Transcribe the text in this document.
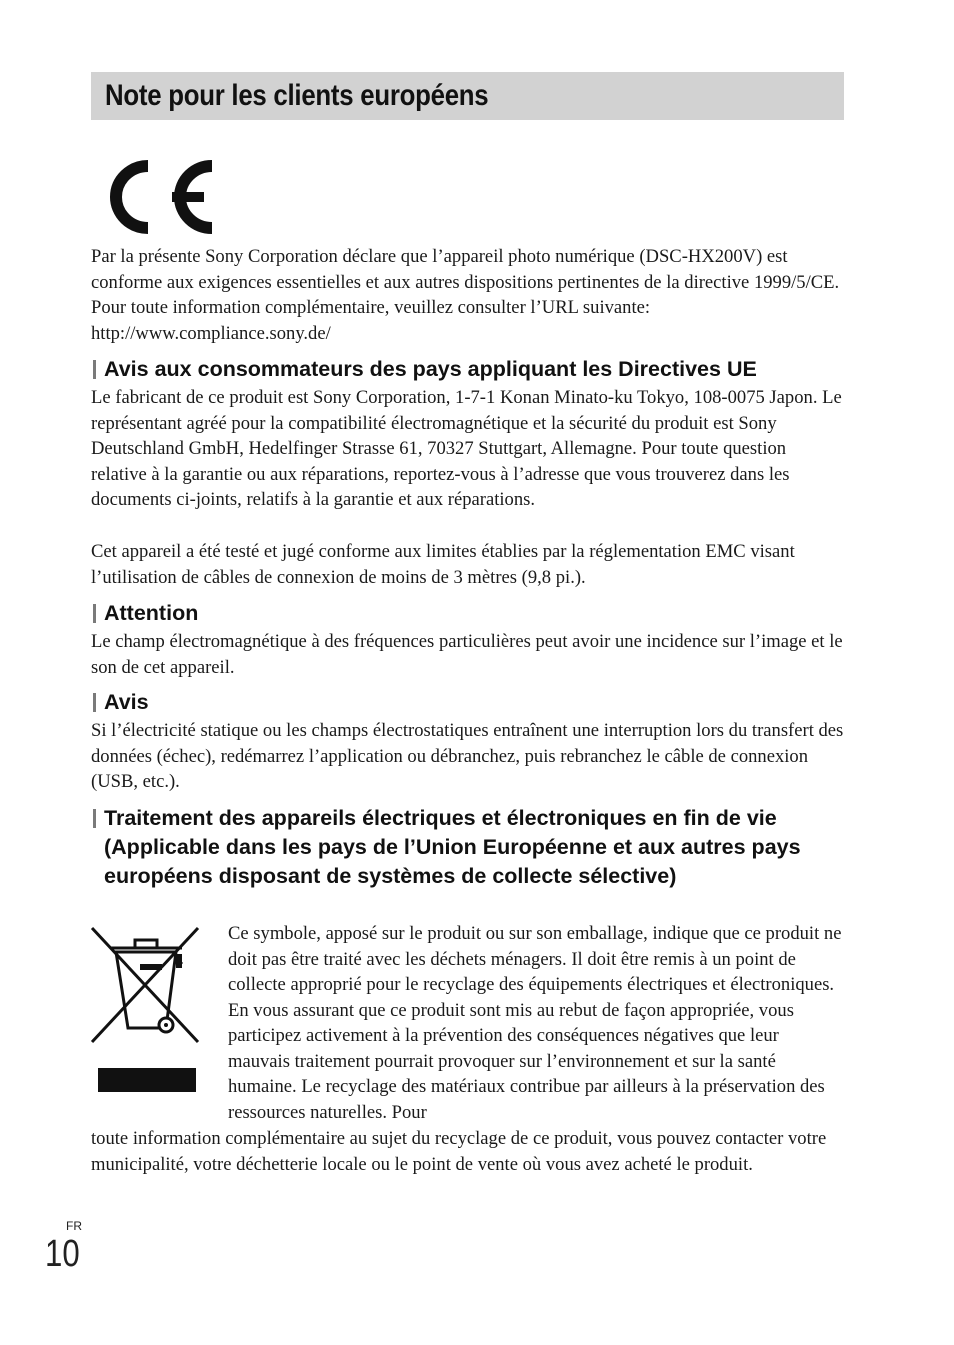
Note pour les clients européens

Par la présente Sony Corporation déclare que l’appareil photo numérique (DSC-HX200V) est conforme aux exigences essentielles et aux autres dispositions pertinentes de la directive 1999/5/CE. Pour toute information complémentaire, veuillez consulter l’URL suivante: http://www.compliance.sony.de/

Avis aux consommateurs des pays appliquant les Directives UE

Le fabricant de ce produit est Sony Corporation, 1-7-1 Konan Minato-ku Tokyo, 108-0075 Japon. Le représentant agréé pour la compatibilité électromagnétique et la sécurité du produit est Sony Deutschland GmbH, Hedelfinger Strasse 61, 70327 Stuttgart, Allemagne. Pour toute question relative à la garantie ou aux réparations, reportez-vous à l’adresse que vous trouverez dans les documents ci-joints, relatifs à la garantie et aux réparations.

Cet appareil a été testé et jugé conforme aux limites établies par la réglementation EMC visant l’utilisation de câbles de connexion de moins de 3 mètres (9,8 pi.).

Attention

Le champ électromagnétique à des fréquences particulières peut avoir une incidence sur l’image et le son de cet appareil.

Avis

Si l’électricité statique ou les champs électrostatiques entraînent une interruption lors du transfert des données (échec), redémarrez l’application ou débranchez, puis rebranchez le câble de connexion (USB, etc.).

Traitement des appareils électriques et électroniques en fin de vie (Applicable dans les pays de l’Union Européenne et aux autres pays européens disposant de systèmes de collecte sélective)

Ce symbole, apposé sur le produit ou sur son emballage, indique que ce produit ne doit pas être traité avec les déchets ménagers. Il doit être remis à un point de collecte approprié pour le recyclage des équipements électriques et électroniques. En vous assurant que ce produit sont mis au rebut de façon appropriée, vous participez activement à la prévention des conséquences négatives que leur mauvais traitement pourrait provoquer sur l’environnement et sur la santé humaine. Le recyclage des matériaux contribue par ailleurs à la préservation des ressources naturelles. Pour

toute information complémentaire au sujet du recyclage de ce produit, vous pouvez contacter votre municipalité, votre déchetterie locale ou le point de vente où vous avez acheté le produit.

FR
10
